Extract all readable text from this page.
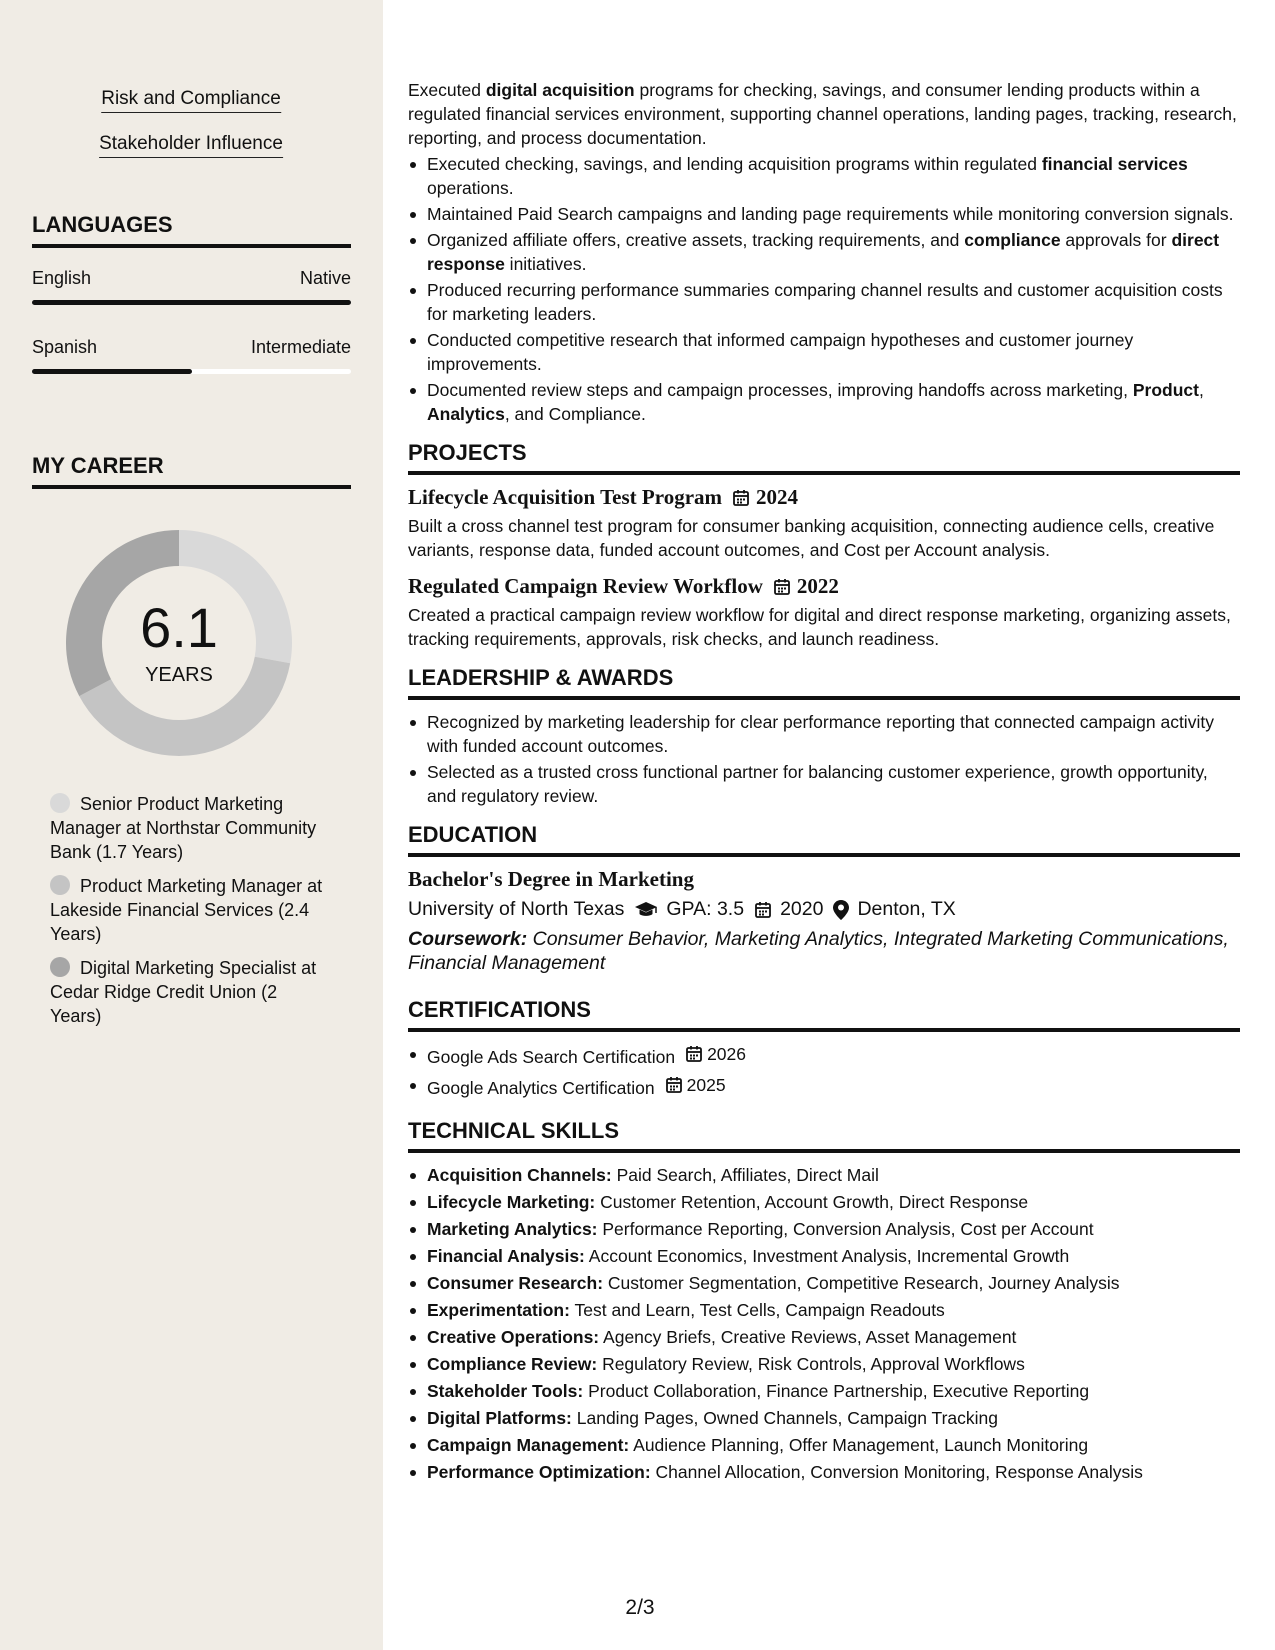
Risk and Compliance
Stakeholder Influence
LANGUAGES
English	Native
Spanish	Intermediate
MY CAREER
6.1
YEARS
Senior Product Marketing Manager at Northstar Community Bank (1.7 Years)
Product Marketing Manager at Lakeside Financial Services (2.4 Years)
Digital Marketing Specialist at Cedar Ridge Credit Union (2 Years)

Executed digital acquisition programs for checking, savings, and consumer lending products within a regulated financial services environment, supporting channel operations, landing pages, tracking, research, reporting, and process documentation.

Executed checking, savings, and lending acquisition programs within regulated financial services operations.
Maintained Paid Search campaigns and landing page requirements while monitoring conversion signals.
Organized affiliate offers, creative assets, tracking requirements, and compliance approvals for direct response initiatives.
Produced recurring performance summaries comparing channel results and customer acquisition costs for marketing leaders.
Conducted competitive research that informed campaign hypotheses and customer journey improvements.
Documented review steps and campaign processes, improving handoffs across marketing, Product, Analytics, and Compliance.
PROJECTS
Lifecycle Acquisition Test Program 2024

Built a cross channel test program for consumer banking acquisition, connecting audience cells, creative variants, response data, funded account outcomes, and Cost per Account analysis.

Regulated Campaign Review Workflow 2022

Created a practical campaign review workflow for digital and direct response marketing, organizing assets, tracking requirements, approvals, risk checks, and launch readiness.

LEADERSHIP & AWARDS
Recognized by marketing leadership for clear performance reporting that connected campaign activity with funded account outcomes.
Selected as a trusted cross functional partner for balancing customer experience, growth opportunity, and regulatory review.
EDUCATION
Bachelor's Degree in Marketing
University of North Texas GPA: 3.5 2020 Denton, TX

Coursework: Consumer Behavior, Marketing Analytics, Integrated Marketing Communications, Financial Management

CERTIFICATIONS
Google Ads Search Certification 2026
Google Analytics Certification 2025
TECHNICAL SKILLS
Acquisition Channels: Paid Search, Affiliates, Direct Mail
Lifecycle Marketing: Customer Retention, Account Growth, Direct Response
Marketing Analytics: Performance Reporting, Conversion Analysis, Cost per Account
Financial Analysis: Account Economics, Investment Analysis, Incremental Growth
Consumer Research: Customer Segmentation, Competitive Research, Journey Analysis
Experimentation: Test and Learn, Test Cells, Campaign Readouts
Creative Operations: Agency Briefs, Creative Reviews, Asset Management
Compliance Review: Regulatory Review, Risk Controls, Approval Workflows
Stakeholder Tools: Product Collaboration, Finance Partnership, Executive Reporting
Digital Platforms: Landing Pages, Owned Channels, Campaign Tracking
Campaign Management: Audience Planning, Offer Management, Launch Monitoring
Performance Optimization: Channel Allocation, Conversion Monitoring, Response Analysis
2/3
